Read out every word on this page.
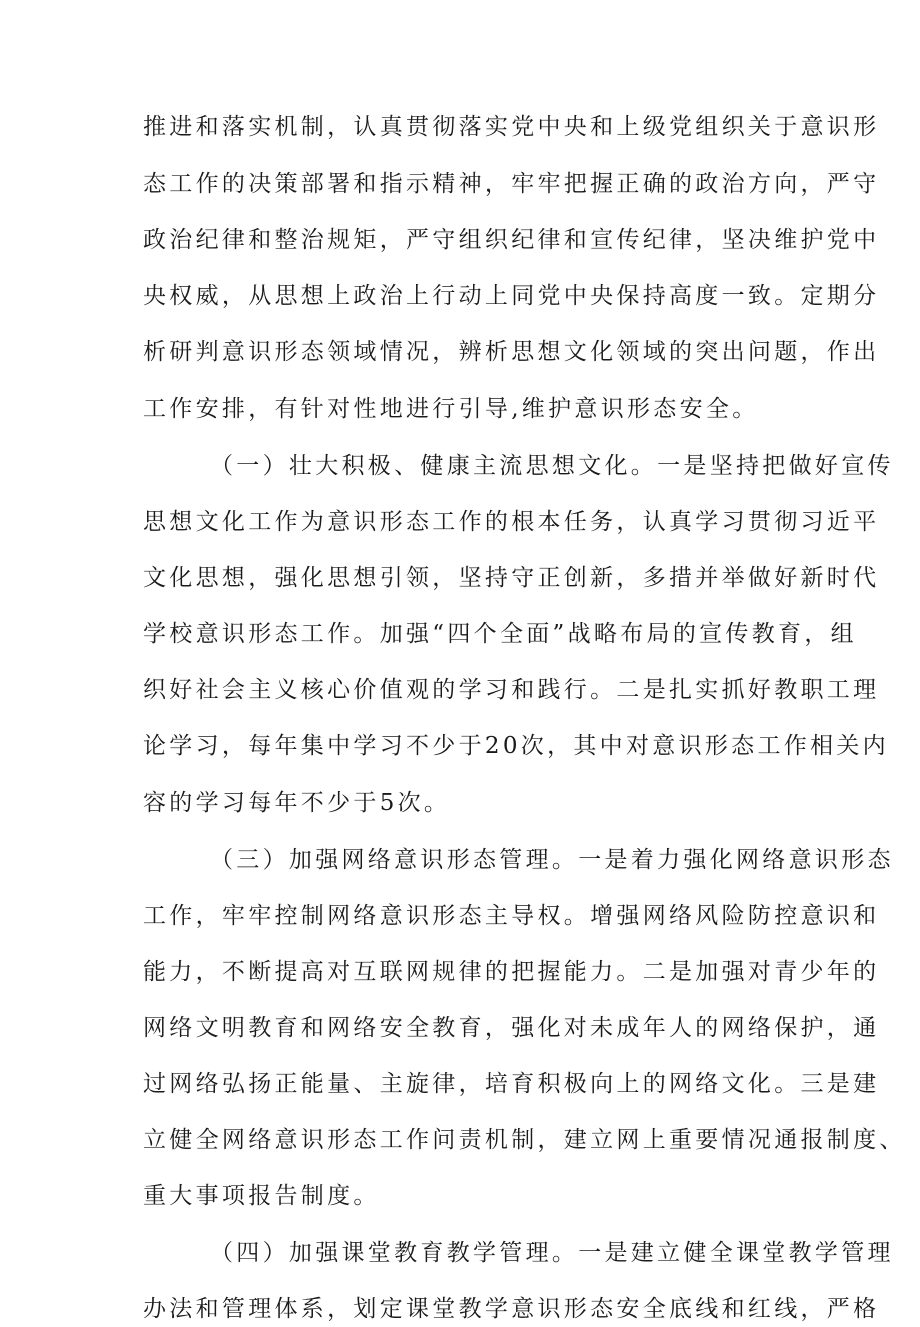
推进和落实机制，认真贯彻落实党中央和上级党组织关于意识形
态工作的决策部署和指示精神，牢牢把握正确的政治方向，严守
政治纪律和整治规矩，严守组织纪律和宣传纪律，坚决维护党中
央权威，从思想上政治上行动上同党中央保持高度一致。定期分
析研判意识形态领域情况，辨析思想文化领域的突出问题，作出
工作安排，有针对性地进行引导,维护意识形态安全。
（一）壮大积极、健康主流思想文化。一是坚持把做好宣传
思想文化工作为意识形态工作的根本任务，认真学习贯彻习近平
文化思想，强化思想引领，坚持守正创新，多措并举做好新时代
学校意识形态工作。加强“四个全面”战略布局的宣传教育，组
织好社会主义核心价值观的学习和践行。二是扎实抓好教职工理
论学习，每年集中学习不少于20次，其中对意识形态工作相关内
容的学习每年不少于5次。
（三）加强网络意识形态管理。一是着力强化网络意识形态
工作，牢牢控制网络意识形态主导权。增强网络风险防控意识和
能力，不断提高对互联网规律的把握能力。二是加强对青少年的
网络文明教育和网络安全教育，强化对未成年人的网络保护，通
过网络弘扬正能量、主旋律，培育积极向上的网络文化。三是建
立健全网络意识形态工作问责机制，建立网上重要情况通报制度、
重大事项报告制度。
（四）加强课堂教育教学管理。一是建立健全课堂教学管理
办法和管理体系，划定课堂教学意识形态安全底线和红线，严格
